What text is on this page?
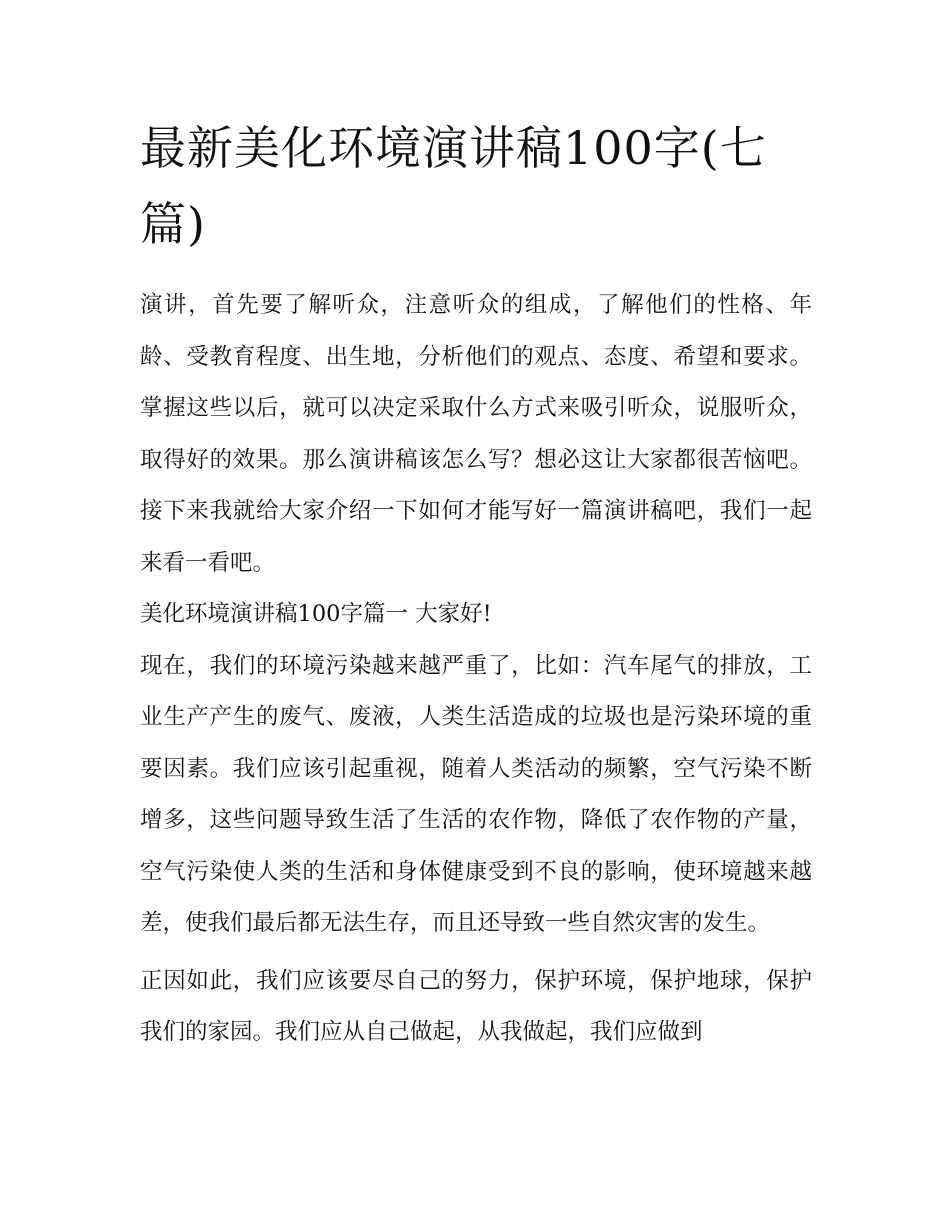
最新美化环境演讲稿100字(七篇)

演讲，首先要了解听众，注意听众的组成，了解他们的性格、年龄、受教育程度、出生地，分析他们的观点、态度、希望和要求。掌握这些以后，就可以决定采取什么方式来吸引听众，说服听众，取得好的效果。那么演讲稿该怎么写？想必这让大家都很苦恼吧。接下来我就给大家介绍一下如何才能写好一篇演讲稿吧，我们一起来看一看吧。

美化环境演讲稿100字篇一 大家好!

现在，我们的环境污染越来越严重了，比如：汽车尾气的排放，工业生产产生的废气、废液，人类生活造成的垃圾也是污染环境的重要因素。我们应该引起重视，随着人类活动的频繁，空气污染不断增多，这些问题导致生活了生活的农作物，降低了农作物的产量，空气污染使人类的生活和身体健康受到不良的影响，使环境越来越差，使我们最后都无法生存，而且还导致一些自然灾害的发生。

正因如此，我们应该要尽自己的努力，保护环境，保护地球，保护我们的家园。我们应从自己做起，从我做起，我们应做到
